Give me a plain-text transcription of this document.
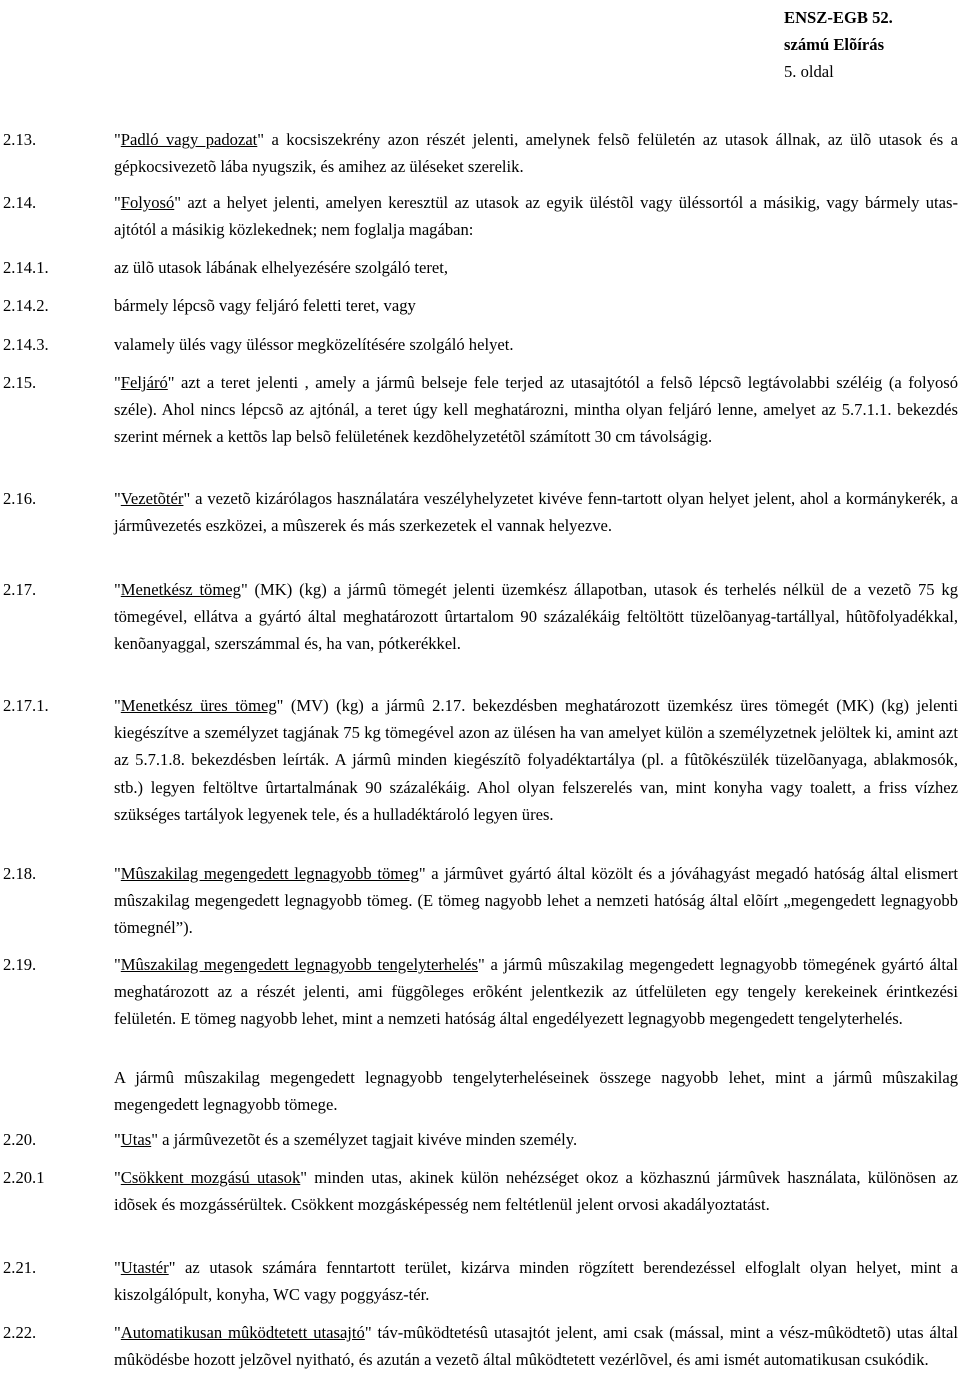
ENSZ-EGB 52. számú Elõírás
5. oldal
2.13.	"Padló vagy padozat" a kocsiszekrény azon részét jelenti, amelynek felsõ felületén az utasok állnak, az ülõ utasok és a gépkocsivezetõ lába nyugszik, és amihez az üléseket szerelik.
2.14.	"Folyosó" azt a helyet jelenti, amelyen keresztül az utasok az egyik üléstõl vagy üléssortól a másikig, vagy bármely utas-ajtótól a másikig közlekednek; nem foglalja magában:
2.14.1.	az ülõ utasok lábának elhelyezésére szolgáló teret,
2.14.2.	bármely lépcsõ vagy feljáró feletti teret, vagy
2.14.3.	valamely ülés vagy üléssor megközelítésére szolgáló helyet.
2.15.	"Feljáró" azt a teret jelenti , amely a jármû belseje fele terjed az utasajtótól a felsõ lépcsõ legtávolabbi széléig (a folyosó széle). Ahol nincs lépcsõ az ajtónál, a teret úgy kell meghatározni, mintha olyan feljáró lenne, amelyet az 5.7.1.1. bekezdés szerint mérnek a kettõs lap belsõ felületének kezdõhelyzetétõl számított 30 cm távolságig.
2.16.	"Vezetõtér" a vezetõ kizárólagos használatára veszélyhelyzetet kivéve fenn-tartott olyan helyet jelent, ahol a kormánykerék, a jármûvezetés eszközei, a mûszerek és más szerkezetek el vannak helyezve.
2.17.	"Menetkész tömeg" (MK) (kg) a jármû tömegét jelenti üzemkész állapotban, utasok és terhelés nélkül de a vezetõ 75 kg tömegével, ellátva a gyártó által meghatározott ûrtartalom 90 százalékáig feltöltött tüzelõanyag-tartállyal, hûtõfolyadékkal, kenõanyaggal, szerszámmal és, ha van, pótkerékkel.
2.17.1.	"Menetkész üres tömeg" (MV) (kg) a jármû 2.17. bekezdésben meghatározott üzemkész üres tömegét (MK) (kg) jelenti kiegészítve a személyzet tagjának 75 kg tömegével azon az ülésen ha van amelyet külön a személyzetnek jelöltek ki, amint azt az 5.7.1.8. bekezdésben leírták. A jármû minden kiegészítõ folyadéktartálya (pl. a fûtõkészülék tüzelõanyaga, ablakmosók, stb.) legyen feltöltve ûrtartalmának 90 százalékáig. Ahol olyan felszerelés van, mint konyha vagy toalett, a friss vízhez szükséges tartályok legyenek tele, és a hulladéktároló legyen üres.
2.18.	"Mûszakilag megengedett legnagyobb tömeg" a jármûvet gyártó által közölt és a jóváhagyást megadó hatóság által elismert mûszakilag megengedett legnagyobb tömeg. (E tömeg nagyobb lehet a nemzeti hatóság által elõírt „megengedett legnagyobb tömegnél”).
2.19.	"Mûszakilag megengedett legnagyobb tengelyterhelés" a jármû mûszakilag megengedett legnagyobb tömegének gyártó által meghatározott az a részét jelenti, ami függõleges erõként jelentkezik az útfelületen egy tengely kerekeinek érintkezési felületén. E tömeg nagyobb lehet, mint a nemzeti hatóság által engedélyezett legnagyobb megengedett tengelyterhelés.
A jármû mûszakilag megengedett legnagyobb tengelyterheléseinek összege nagyobb lehet, mint a jármû mûszakilag megengedett legnagyobb tömege.
2.20.	"Utas" a jármûvezetõt és a személyzet tagjait kivéve minden személy.
2.20.1	"Csökkent mozgású utasok" minden utas, akinek külön nehézséget okoz a közhasznú jármûvek használata, különösen az idõsek és mozgássérültek. Csökkent mozgásképesség nem feltétlenül jelent orvosi akadályoztatást.
2.21.	"Utastér" az utasok számára fenntartott terület, kizárva minden rögzített berendezéssel elfoglalt olyan helyet, mint a kiszolgálópult, konyha, WC vagy poggyász-tér.
2.22.	"Automatikusan mûködtetett utasajtó" táv-mûködtetésû utasajtót jelent, ami csak (mással, mint a vész-mûködtetõ) utas által mûködésbe hozott jelzõvel nyitható, és azután a vezetõ által mûködtetett vezérlõvel, és ami ismét automatikusan csukódik.
